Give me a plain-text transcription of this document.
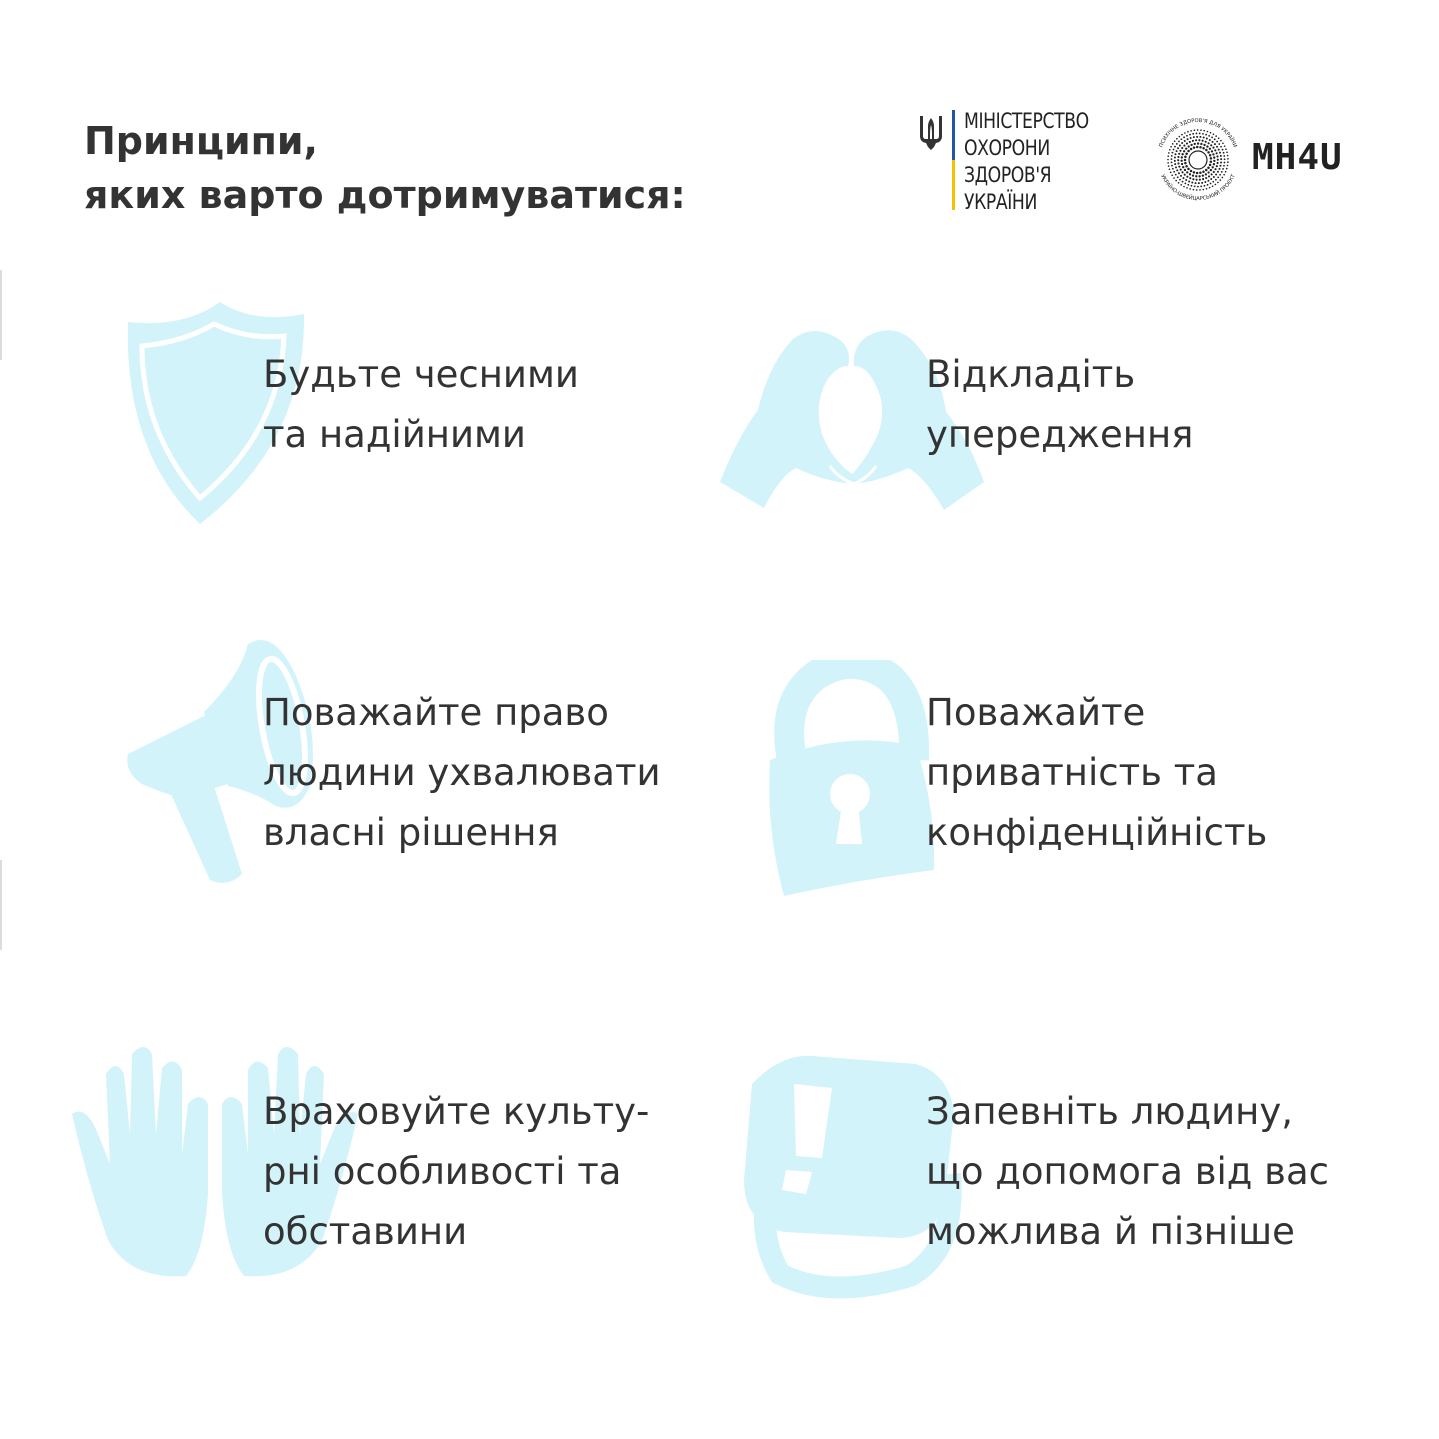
Принципи,
яких варто дотримуватися:
МІНІСТЕРСТВО
ОХОРОНИ
ЗДОРОВ'Я
УКРАЇНИ
ПСИХІЧНЕ ЗДОРОВ'Я ДЛЯ УКРАЇНИ
УКРАЇНО-ШВЕЙЦАРСЬКИЙ ПРОЄКТ MH4U

Будьте чесними
та надійними

Відкладіть
упередження

Поважайте право
людини ухвалювати
власні рішення

Поважайте
приватність та
конфіденційність

Враховуйте культу-
рні особливості та
обставини

Запевніть людину,
що допомога від вас
можлива й пізніше
